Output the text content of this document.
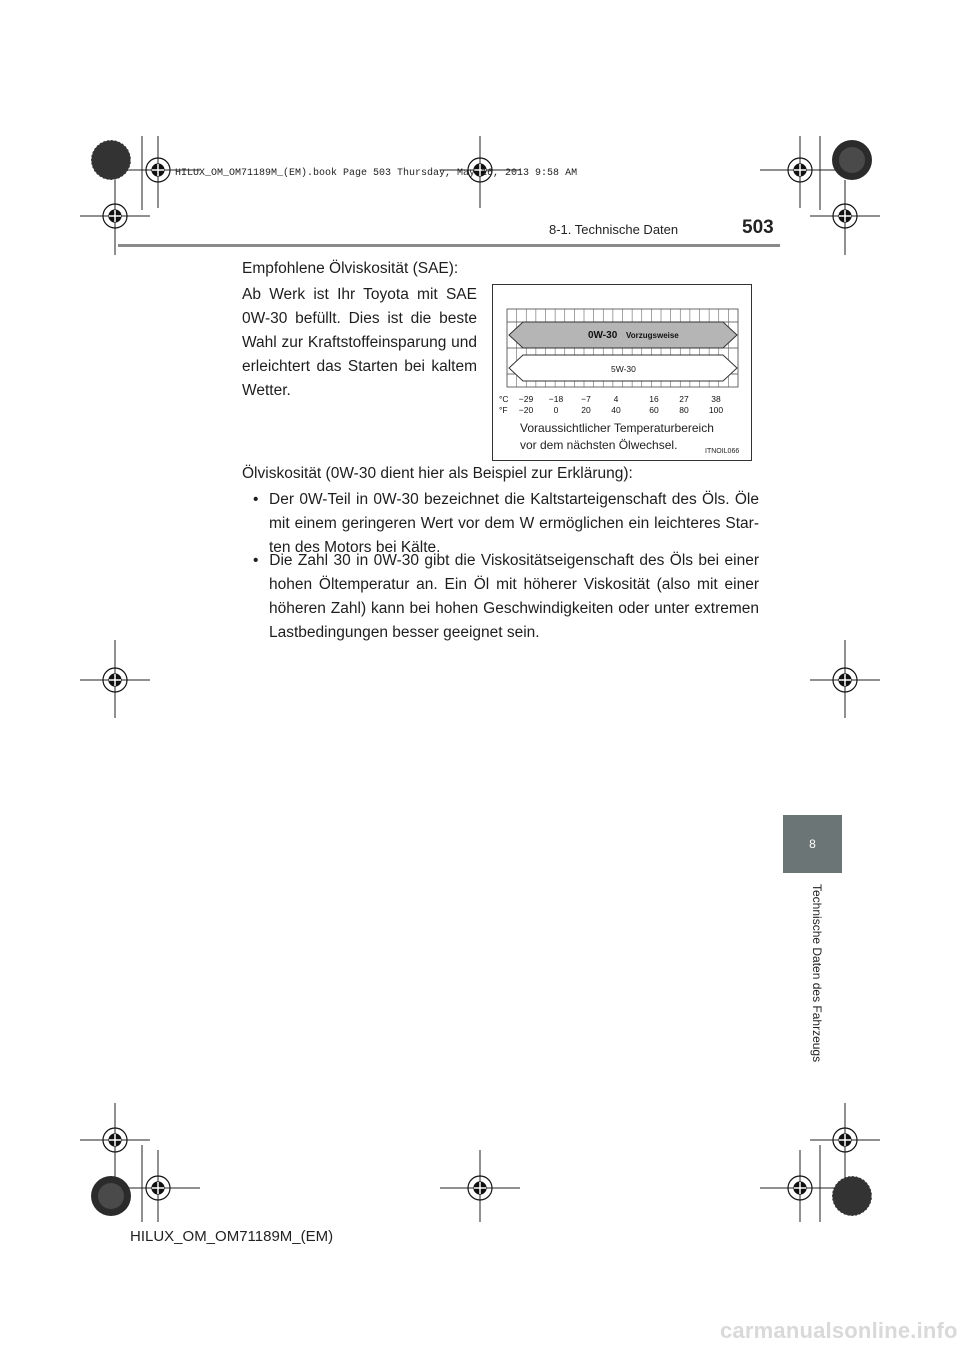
HILUX_OM_OM71189M_(EM).book Page 503 Thursday, May 16, 2013 9:58 AM
8-1. Technische Daten	503
Empfohlene Ölviskosität (SAE):
Ab Werk ist Ihr Toyota mit SAE
0W-30 befüllt. Dies ist die beste
Wahl zur Kraftstoffeinsparung und
erleichtert das Starten bei kaltem
Wetter.
0W-30 Vorzugsweise
5W-30
°C
°F
−29 −18 −7	4	16 27	38
−20 0	20 40	60 80 100
Voraussichtlicher Temperaturbereich
vor dem nächsten Ölwechsel.	ITNOIL066
Ölviskosität (0W-30 dient hier als Beispiel zur Erklärung):
• Der 0W-Teil in 0W-30 bezeichnet die Kaltstarteigenschaft des Öls. Öle mit einem geringeren Wert vor dem W ermöglichen ein leichteres Star-ten des Motors bei Kälte.
• Die Zahl 30 in 0W-30 gibt die Viskositätseigenschaft des Öls bei einer hohen Öltemperatur an. Ein Öl mit höherer Viskosität (also mit einer höheren Zahl) kann bei hohen Geschwindigkeiten oder unter extremen Lastbedingungen besser geeignet sein.
8
Technische Daten des Fahrzeugs
HILUX_OM_OM71189M_(EM)
carmanualsonline.info
